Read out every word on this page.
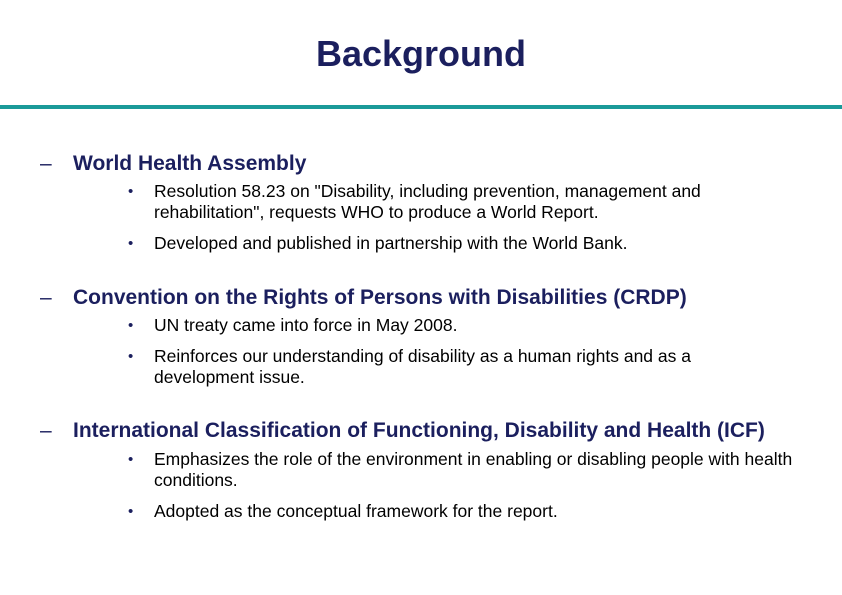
Background
– World Health Assembly
• Resolution 58.23 on "Disability, including prevention, management and rehabilitation", requests WHO to produce a World Report.
• Developed and published in partnership with the World Bank.
– Convention on the Rights of Persons with Disabilities (CRDP)
• UN treaty came into force in May 2008.
• Reinforces our understanding of disability as a human rights and as a development issue.
– International Classification of Functioning, Disability and Health (ICF)
• Emphasizes the role of the environment in enabling or disabling people with health conditions.
• Adopted as the conceptual framework for the report.
